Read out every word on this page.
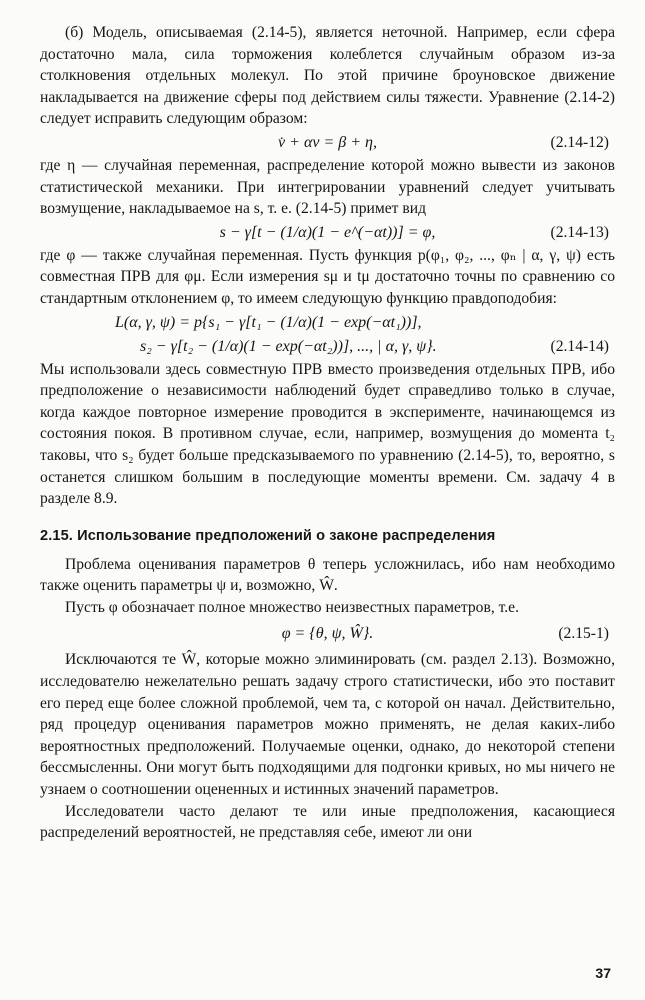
(б) Модель, описываемая (2.14-5), является неточной. Например, если сфера достаточно мала, сила торможения колеблется случайным образом из-за столкновения отдельных молекул. По этой причине броуновское движение накладывается на движение сферы под действием силы тяжести. Уравнение (2.14-2) следует исправить следующим образом:

v̇ + αv = β + η,	(2.14-12)

где η — случайная переменная, распределение которой можно вывести из законов статистической механики. При интегрировании уравнений следует учитывать возмущение, накладываемое на s, т. е. (2.14-5) примет вид

s − γ[t − (1/α)(1 − e^(−αt))] = φ,	(2.14-13)

где φ — также случайная переменная. Пусть функция p(φ₁, φ₂, ..., φₙ | α, γ, ψ) есть совместная ПРВ для φμ. Если измерения sμ и tμ достаточно точны по сравнению со стандартным отклонением φ, то имеем следующую функцию правдоподобия:

L(α, γ, ψ) = p{s₁ − γ[t₁ − (1/α)(1 − exp(−αt₁))],
s₂ − γ[t₂ − (1/α)(1 − exp(−αt₂))], ..., | α, γ, ψ}.	(2.14-14)

Мы использовали здесь совместную ПРВ вместо произведения отдельных ПРВ, ибо предположение о независимости наблюдений будет справедливо только в случае, когда каждое повторное измерение проводится в эксперименте, начинающемся из состояния покоя. В противном случае, если, например, возмущения до момента t₂ таковы, что s₂ будет больше предсказываемого по уравнению (2.14-5), то, вероятно, s останется слишком большим в последующие моменты времени. См. задачу 4 в разделе 8.9.

2.15. Использование предположений о законе распределения

Проблема оценивания параметров θ теперь усложнилась, ибо нам необходимо также оценить параметры ψ и, возможно, Ŵ.

Пусть φ обозначает полное множество неизвестных параметров, т.е.

φ = {θ, ψ, Ŵ}.	(2.15-1)

Исключаются те Ŵ, которые можно элиминировать (см. раздел 2.13). Возможно, исследователю нежелательно решать задачу строго статистически, ибо это поставит его перед еще более сложной проблемой, чем та, с которой он начал. Действительно, ряд процедур оценивания параметров можно применять, не делая каких-либо вероятностных предположений. Получаемые оценки, однако, до некоторой степени бессмысленны. Они могут быть подходящими для подгонки кривых, но мы ничего не узнаем о соотношении оцененных и истинных значений параметров.

Исследователи часто делают те или иные предположения, касающиеся распределений вероятностей, не представляя себе, имеют ли они

37
